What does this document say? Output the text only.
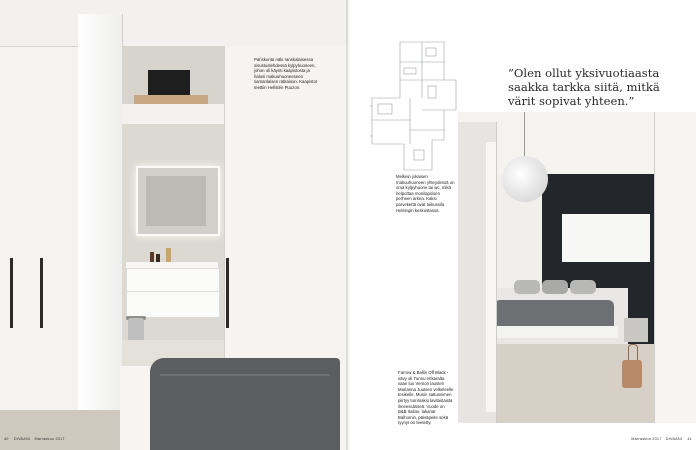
Pariskunta näki ranskalaisessa sisustuslehdessä kylpyhuoneen, johon oli käynti kaapistosta ja halusi makuuhuoneeseen samanlaisen ratkaisun. Kaapistot teettiin Hellstén Puuzon.
40 DIVAANI Marraskuu 2017
Melkein jokaisen makuuhuoneen yhteydessä on oma kylpyhuone tai wc, mikä helpottaa monilapsisen perheen arkea. Kaksi parvekettä ovat tuikussila Helsingin keskustassa.
”Olen ollut yksivuotiaasta saakka tarkka siitä, mitkä värit sopivat yhteen.”
Farrow & Ballin Off Black -sävy oli Tunnu enkaralta vaan luo Vernon lausten Marianna Juutsen velkeleelle tesikelle. Musin sattussimen piirtyy tummaksi lavitastaista ilmeessässeä. Vuode on B&B Italian, lakanat Balhomin, päiväpeite sekä tyynyt on teetetty.
Marraskuu 2017 DIVAANI 41
